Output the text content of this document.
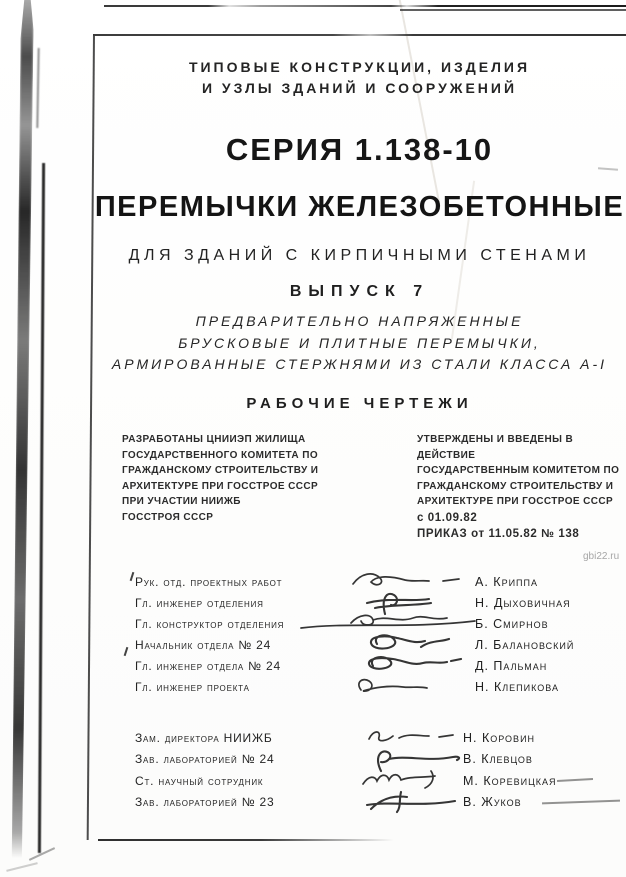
ТИПОВЫЕ КОНСТРУКЦИИ, ИЗДЕЛИЯ
И УЗЛЫ ЗДАНИЙ И СООРУЖЕНИЙ
СЕРИЯ 1.138-10
ПЕРЕМЫЧКИ ЖЕЛЕЗОБЕТОННЫЕ
ДЛЯ ЗДАНИЙ С КИРПИЧНЫМИ СТЕНАМИ
ВЫПУСК 7
ПРЕДВАРИТЕЛЬНО НАПРЯЖЕННЫЕ
БРУСКОВЫЕ И ПЛИТНЫЕ ПЕРЕМЫЧКИ,
АРМИРОВАННЫЕ СТЕРЖНЯМИ ИЗ СТАЛИ КЛАССА А-I
РАБОЧИЕ ЧЕРТЕЖИ
РАЗРАБОТАНЫ ЦНИИЭП ЖИЛИЩА
ГОСУДАРСТВЕННОГО КОМИТЕТА ПО
ГРАЖДАНСКОМУ СТРОИТЕЛЬСТВУ И
АРХИТЕКТУРЕ ПРИ ГОССТРОЕ СССР
ПРИ УЧАСТИИ НИИЖБ
ГОССТРОЯ СССР
УТВЕРЖДЕНЫ И ВВЕДЕНЫ В ДЕЙСТВИЕ
ГОСУДАРСТВЕННЫМ КОМИТЕТОМ ПО
ГРАЖДАНСКОМУ СТРОИТЕЛЬСТВУ И
АРХИТЕКТУРЕ ПРИ ГОССТРОЕ СССР
с 01.09.82
ПРИКАЗ от 11.05.82 № 138
Рук. отд. проектных работ	А. Криппа
Гл. инженер отделения	Н. Дыховичная
Гл. конструктор отделения	Б. Смирнов
Начальник отдела № 24	Л. Балановский
Гл. инженер отдела № 24	Д. Пальман
Гл. инженер проекта	Н. Клепикова
Зам. директора НИИЖБ	Н. Коровин
Зав. лабораторией № 24	В. Клевцов
Ст. научный сотрудник	М. Коревицкая
Зав. лабораторией № 23	В. Жуков
gbi22.ru
